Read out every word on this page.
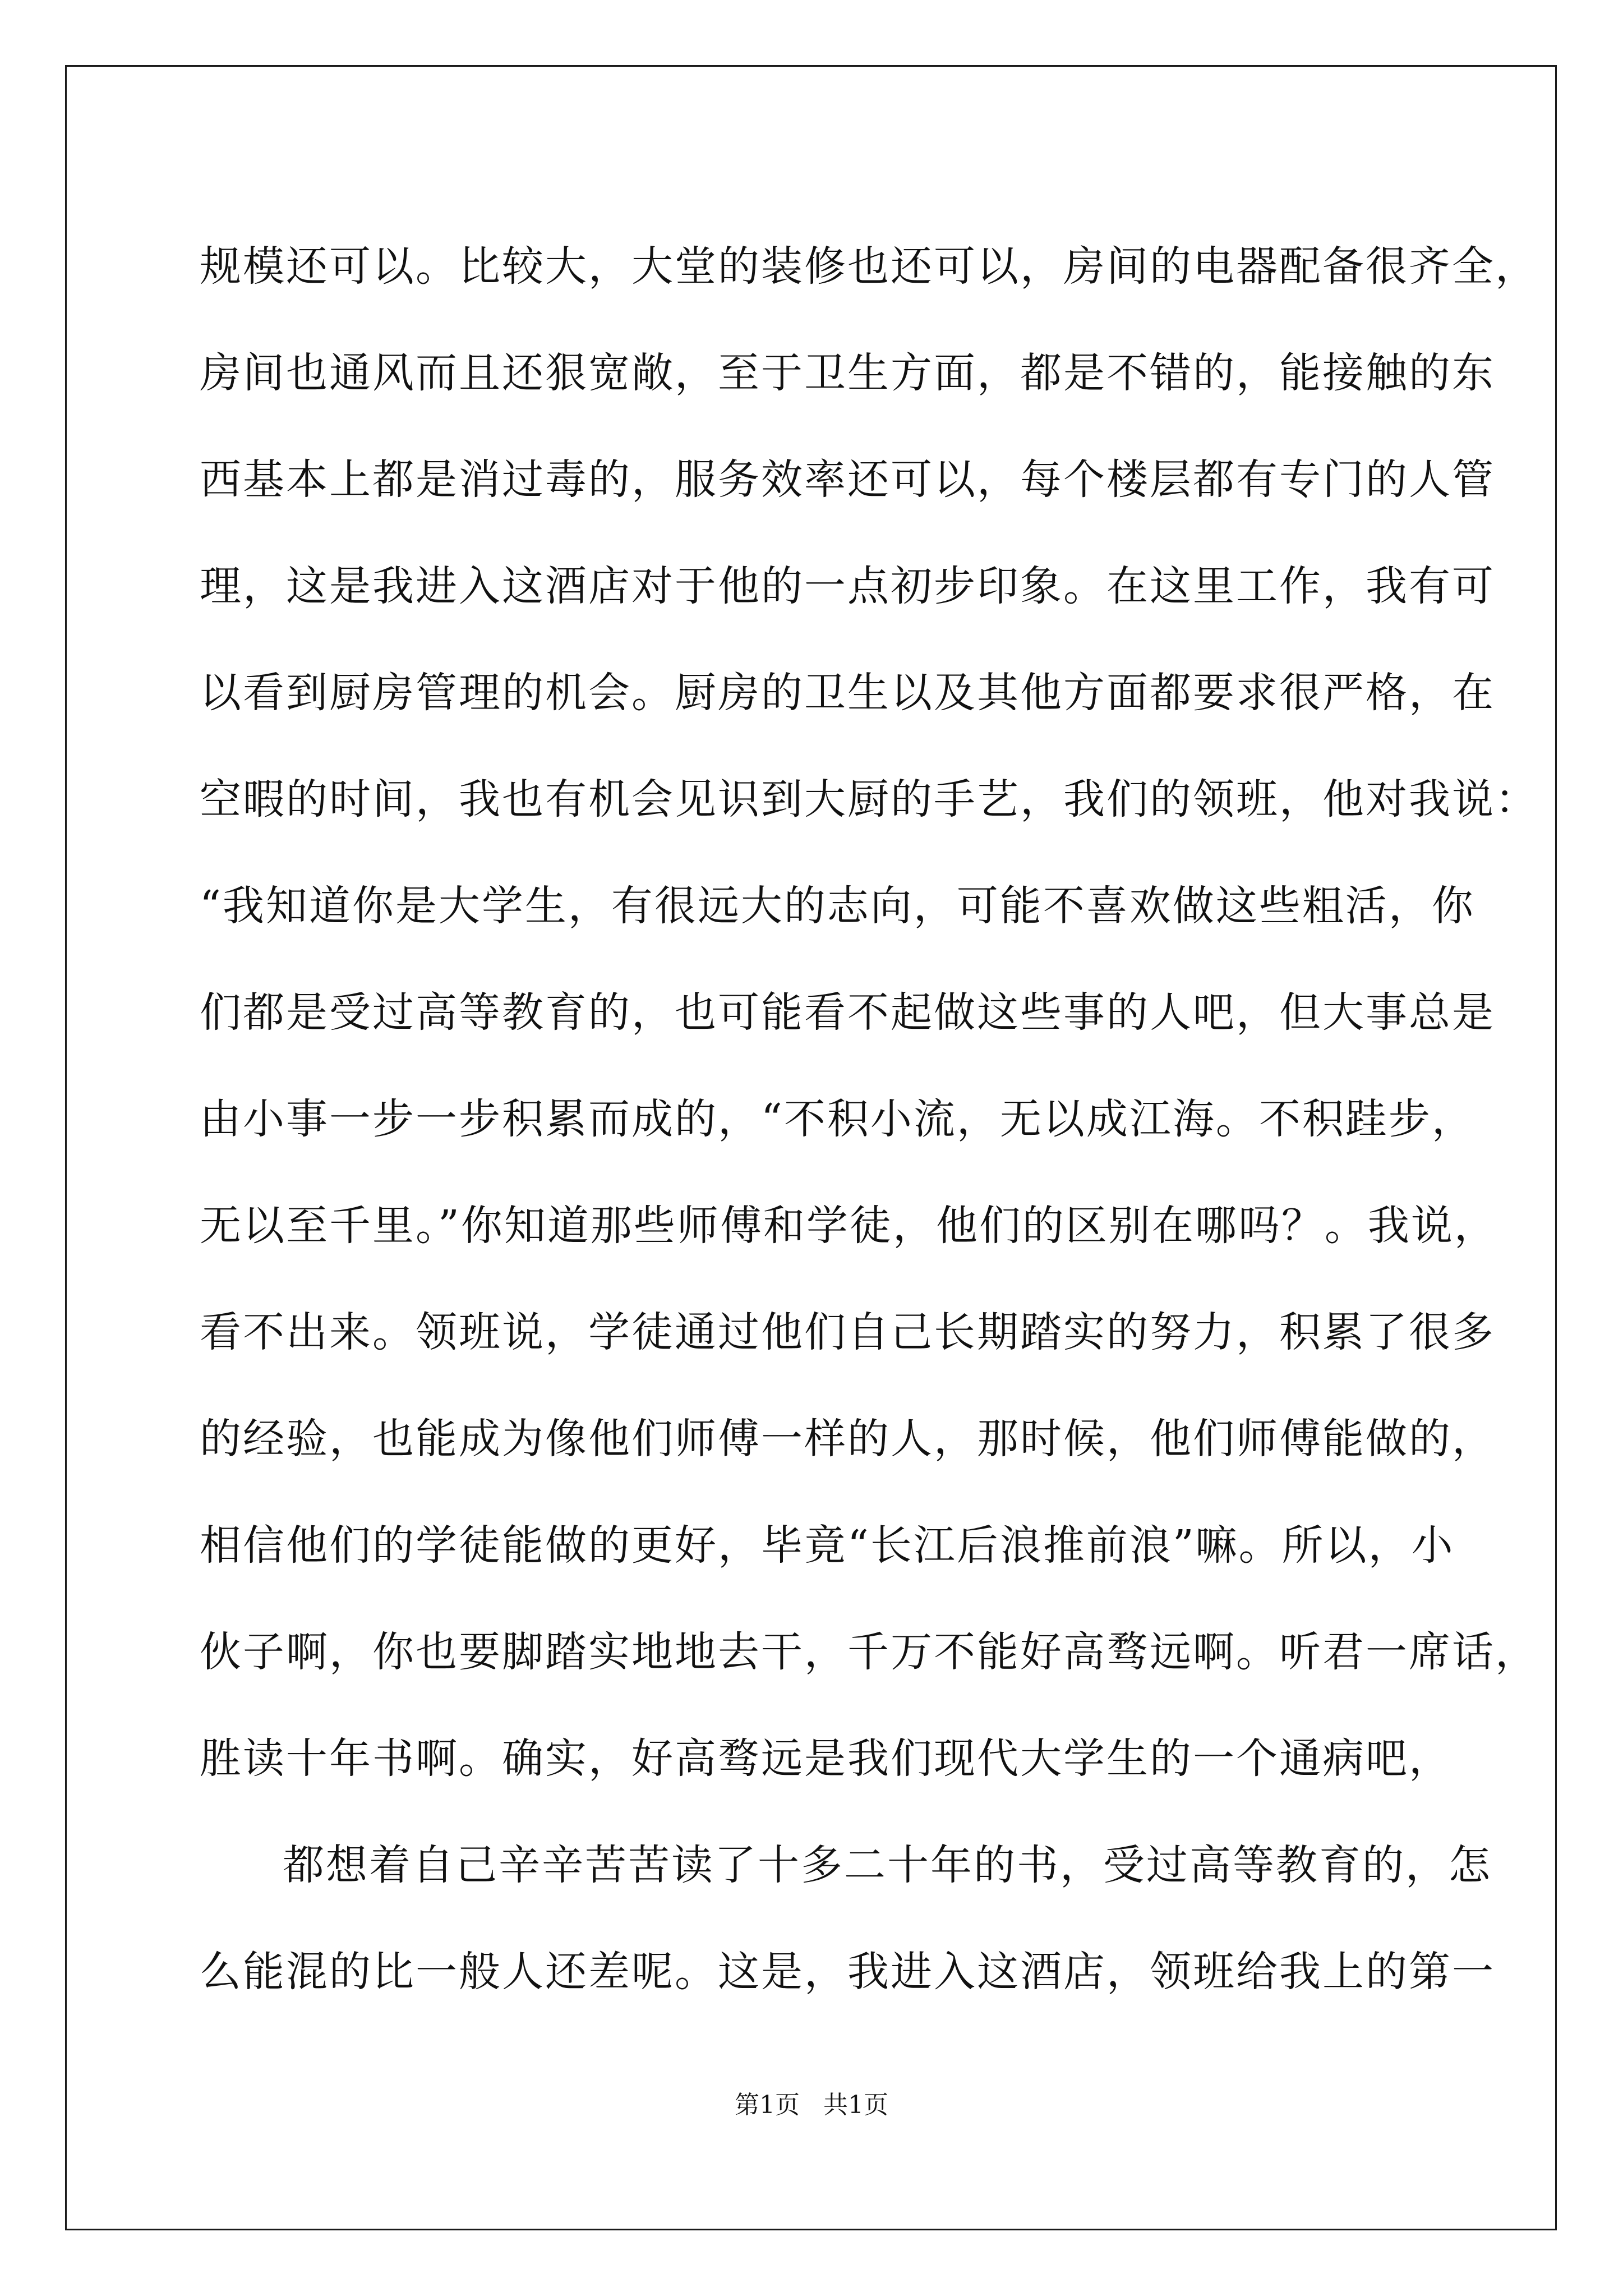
规模还可以。比较大，大堂的装修也还可以，房间的电器配备很齐全，
房间也通风而且还狠宽敞，至于卫生方面，都是不错的，能接触的东
西基本上都是消过毒的，服务效率还可以，每个楼层都有专门的人管
理，这是我进入这酒店对于他的一点初步印象。在这里工作，我有可
以看到厨房管理的机会。厨房的卫生以及其他方面都要求很严格，在
空暇的时间，我也有机会见识到大厨的手艺，我们的领班，他对我说：
“我知道你是大学生，有很远大的志向，可能不喜欢做这些粗活，你
们都是受过高等教育的，也可能看不起做这些事的人吧，但大事总是
由小事一步一步积累而成的，“不积小流，无以成江海。不积跬步，
无以至千里。”你知道那些师傅和学徒，他们的区别在哪吗？。我说，
看不出来。领班说，学徒通过他们自己长期踏实的努力，积累了很多
的经验，也能成为像他们师傅一样的人，那时候，他们师傅能做的，
相信他们的学徒能做的更好，毕竟“长江后浪推前浪”嘛。所以，小
伙子啊，你也要脚踏实地地去干，千万不能好高骛远啊。听君一席话，
胜读十年书啊。确实，好高骛远是我们现代大学生的一个通病吧，
都想着自己辛辛苦苦读了十多二十年的书，受过高等教育的，怎
么能混的比一般人还差呢。这是，我进入这酒店，领班给我上的第一
第1页   共1页
